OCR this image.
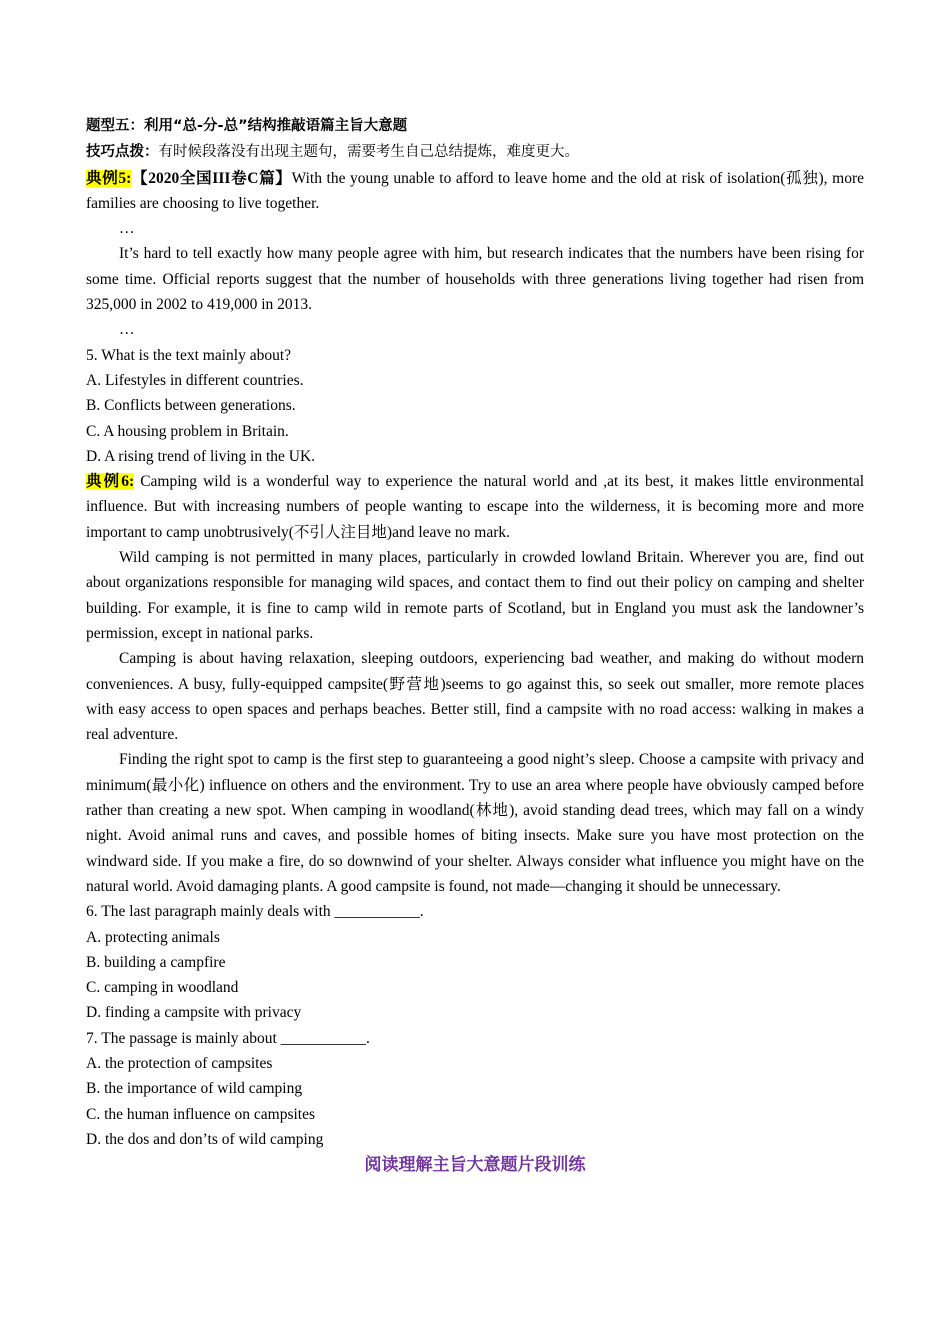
题型五：利用“总-分-总”结构推敲语篇主旨大意题

技巧点拨：有时候段落没有出现主题句，需要考生自己总结提炼，难度更大。

典例5:【2020全国III卷C篇】With the young unable to afford to leave home and the old at risk of isolation(孤独), more families are choosing to live together.

…

It’s hard to tell exactly how many people agree with him, but research indicates that the numbers have been rising for some time. Official reports suggest that the number of households with three generations living together had risen from 325,000 in 2002 to 419,000 in 2013.

…

5. What is the text mainly about?

A. Lifestyles in different countries.

B. Conflicts between generations.

C. A housing problem in Britain.

D. A rising trend of living in the UK.

典例6: Camping wild is a wonderful way to experience the natural world and ,at its best, it makes little environmental influence. But with increasing numbers of people wanting to escape into the wilderness, it is becoming more and more important to camp unobtrusively(不引人注目地)and leave no mark.

Wild camping is not permitted in many places, particularly in crowded lowland Britain. Wherever you are, find out about organizations responsible for managing wild spaces, and contact them to find out their policy on camping and shelter building. For example, it is fine to camp wild in remote parts of Scotland, but in England you must ask the landowner’s permission, except in national parks.

Camping is about having relaxation, sleeping outdoors, experiencing bad weather, and making do without modern conveniences. A busy, fully-equipped campsite(野营地)seems to go against this, so seek out smaller, more remote places with easy access to open spaces and perhaps beaches. Better still, find a campsite with no road access: walking in makes a real adventure.

Finding the right spot to camp is the first step to guaranteeing a good night’s sleep. Choose a campsite with privacy and minimum(最小化) influence on others and the environment. Try to use an area where people have obviously camped before rather than creating a new spot. When camping in woodland(林地), avoid standing dead trees, which may fall on a windy night. Avoid animal runs and caves, and possible homes of biting insects. Make sure you have most protection on the windward side. If you make a fire, do so downwind of your shelter. Always consider what influence you might have on the natural world. Avoid damaging plants. A good campsite is found, not made—changing it should be unnecessary.

6. The last paragraph mainly deals with ___________.

A. protecting animals

B. building a campfire

C. camping in woodland

D. finding a campsite with privacy

7. The passage is mainly about ___________.

A. the protection of campsites

B. the importance of wild camping

C. the human influence on campsites

D. the dos and don’ts of wild camping

阅读理解主旨大意题片段训练
